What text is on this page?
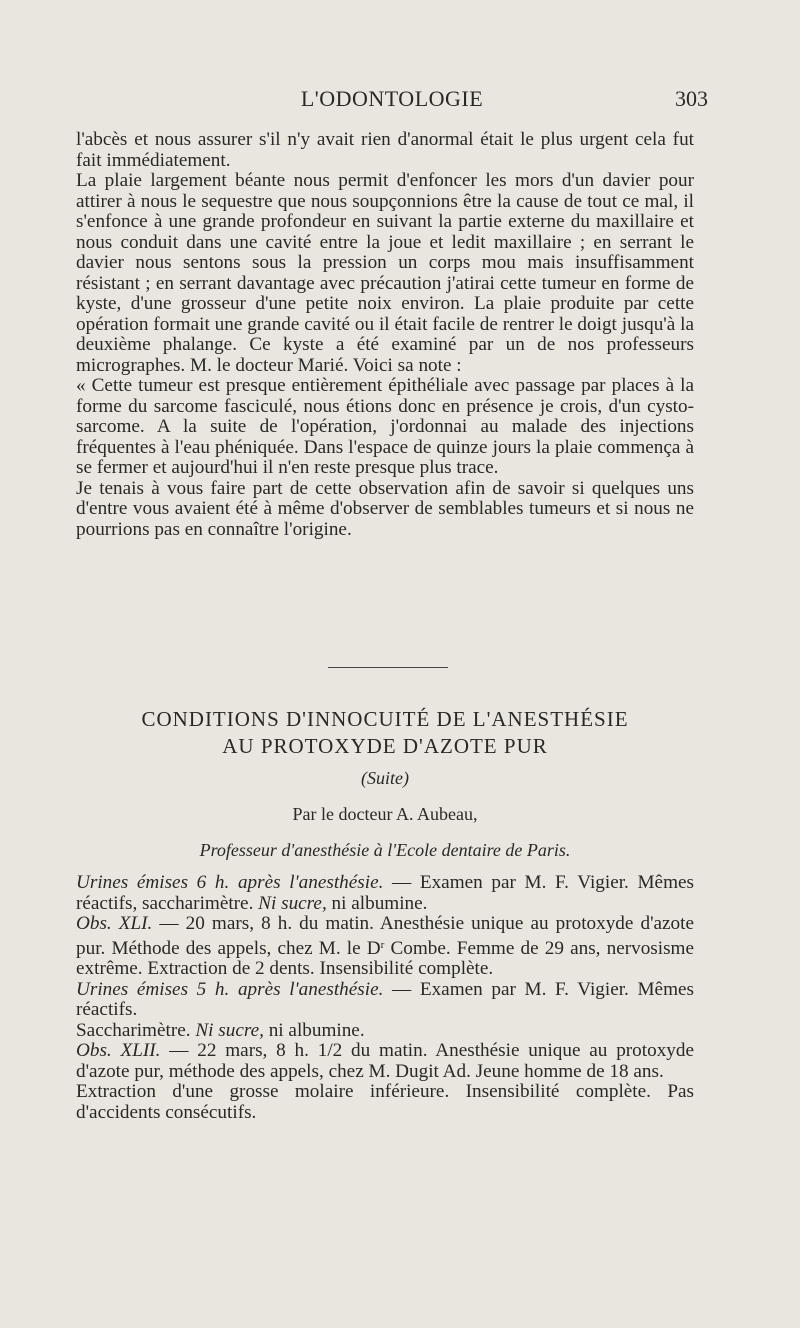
L'ODONTOLOGIE	303

l'abcès et nous assurer s'il n'y avait rien d'anormal était le plus urgent cela fut fait immédiatement.

La plaie largement béante nous permit d'enfoncer les mors d'un davier pour attirer à nous le sequestre que nous soupçonnions être la cause de tout ce mal, il s'enfonce à une grande profondeur en suivant la partie externe du maxillaire et nous conduit dans une cavité entre la joue et ledit maxillaire ; en serrant le davier nous sentons sous la pression un corps mou mais insuffisamment résistant ; en serrant davantage avec précaution j'atirai cette tumeur en forme de kyste, d'une grosseur d'une petite noix environ. La plaie produite par cette opération formait une grande cavité ou il était facile de rentrer le doigt jusqu'à la deuxième phalange. Ce kyste a été examiné par un de nos professeurs micrographes. M. le docteur Marié. Voici sa note :

« Cette tumeur est presque entièrement épithéliale avec passage par places à la forme du sarcome fasciculé, nous étions donc en présence je crois, d'un cysto-sarcome. A la suite de l'opération, j'ordonnai au malade des injections fréquentes à l'eau phéniquée. Dans l'espace de quinze jours la plaie commença à se fermer et aujourd'hui il n'en reste presque plus trace.

Je tenais à vous faire part de cette observation afin de savoir si quelques uns d'entre vous avaient été à même d'observer de semblables tumeurs et si nous ne pourrions pas en connaître l'origine.

CONDITIONS D'INNOCUITÉ DE L'ANESTHÉSIE
AU PROTOXYDE D'AZOTE PUR
(Suite)
Par le docteur A. Aubeau,
Professeur d'anesthésie à l'Ecole dentaire de Paris.

Urines émises 6 h. après l'anesthésie. — Examen par M. F. Vigier. Mêmes réactifs, saccharimètre. Ni sucre, ni albumine.

Obs. XLI. — 20 mars, 8 h. du matin. Anesthésie unique au protoxyde d'azote pur. Méthode des appels, chez M. le $D^r$ Combe. Femme de 29 ans, nervosisme extrême. Extraction de 2 dents. Insensibilité complète.

Urines émises 5 h. après l'anesthésie. — Examen par M. F. Vigier. Mêmes réactifs.

Saccharimètre. Ni sucre, ni albumine.

Obs. XLII. — 22 mars, 8 h. 1/2 du matin. Anesthésie unique au protoxyde d'azote pur, méthode des appels, chez M. Dugit Ad. Jeune homme de 18 ans.

Extraction d'une grosse molaire inférieure. Insensibilité complète. Pas d'accidents consécutifs.
